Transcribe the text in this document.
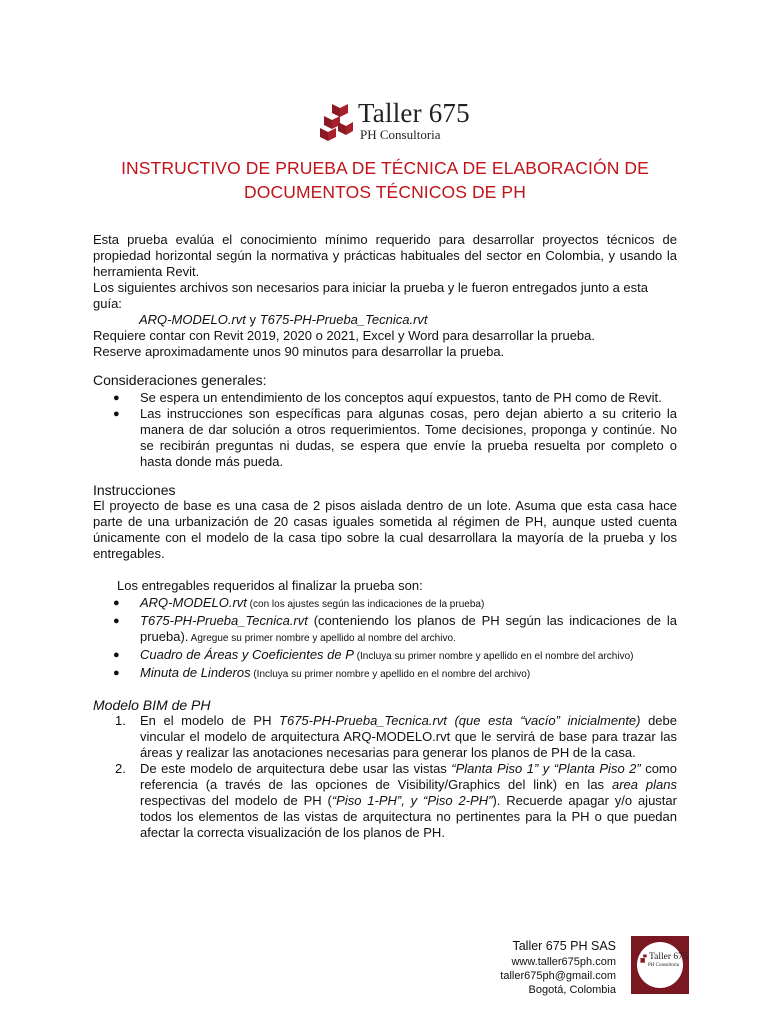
Taller 675
PH Consultoria
INSTRUCTIVO DE PRUEBA DE TÉCNICA DE ELABORACIÓN DE
DOCUMENTOS TÉCNICOS DE PH

Esta prueba evalúa el conocimiento mínimo requerido para desarrollar proyectos técnicos de propiedad horizontal según la normativa y prácticas habituales del sector en Colombia, y usando la herramienta Revit.

Los siguientes archivos son necesarios para iniciar la prueba y le fueron entregados junto a esta guía:

ARQ-MODELO.rvt y T675-PH-Prueba_Tecnica.rvt

Requiere contar con Revit 2019, 2020 o 2021, Excel y Word para desarrollar la prueba.

Reserve aproximadamente unos 90 minutos para desarrollar la prueba.

Consideraciones generales:

● Se espera un entendimiento de los conceptos aquí expuestos, tanto de PH como de Revit.
● Las instrucciones son específicas para algunas cosas, pero dejan abierto a su criterio la manera de dar solución a otros requerimientos. Tome decisiones, proponga y continúe. No se recibirán preguntas ni dudas, se espera que envíe la prueba resuelta por completo o hasta donde más pueda.

Instrucciones

El proyecto de base es una casa de 2 pisos aislada dentro de un lote. Asuma que esta casa hace parte de una urbanización de 20 casas iguales sometida al régimen de PH, aunque usted cuenta únicamente con el modelo de la casa tipo sobre la cual desarrollara la mayoría de la prueba y los entregables.

Los entregables requeridos al finalizar la prueba son:

● ARQ-MODELO.rvt (con los ajustes según las indicaciones de la prueba)
● T675-PH-Prueba_Tecnica.rvt (conteniendo los planos de PH según las indicaciones de la prueba). Agregue su primer nombre y apellido al nombre del archivo.
● Cuadro de Áreas y Coeficientes de P (Incluya su primer nombre y apellido en el nombre del archivo)
● Minuta de Linderos (Incluya su primer nombre y apellido en el nombre del archivo)

Modelo BIM de PH

1. En el modelo de PH T675-PH-Prueba_Tecnica.rvt (que esta “vacío” inicialmente) debe vincular el modelo de arquitectura ARQ-MODELO.rvt que le servirá de base para trazar las áreas y realizar las anotaciones necesarias para generar los planos de PH de la casa.
2. De este modelo de arquitectura debe usar las vistas “Planta Piso 1” y “Planta Piso 2” como referencia (a través de las opciones de Visibility/Graphics del link) en las area plans respectivas del modelo de PH (“Piso 1-PH”, y “Piso 2-PH”). Recuerde apagar y/o ajustar todos los elementos de las vistas de arquitectura no pertinentes para la PH o que puedan afectar la correcta visualización de los planos de PH.
Taller 675 PH SAS
www.taller675ph.com
taller675ph@gmail.com
Bogotá, Colombia
Taller 675
PH Consultoria
